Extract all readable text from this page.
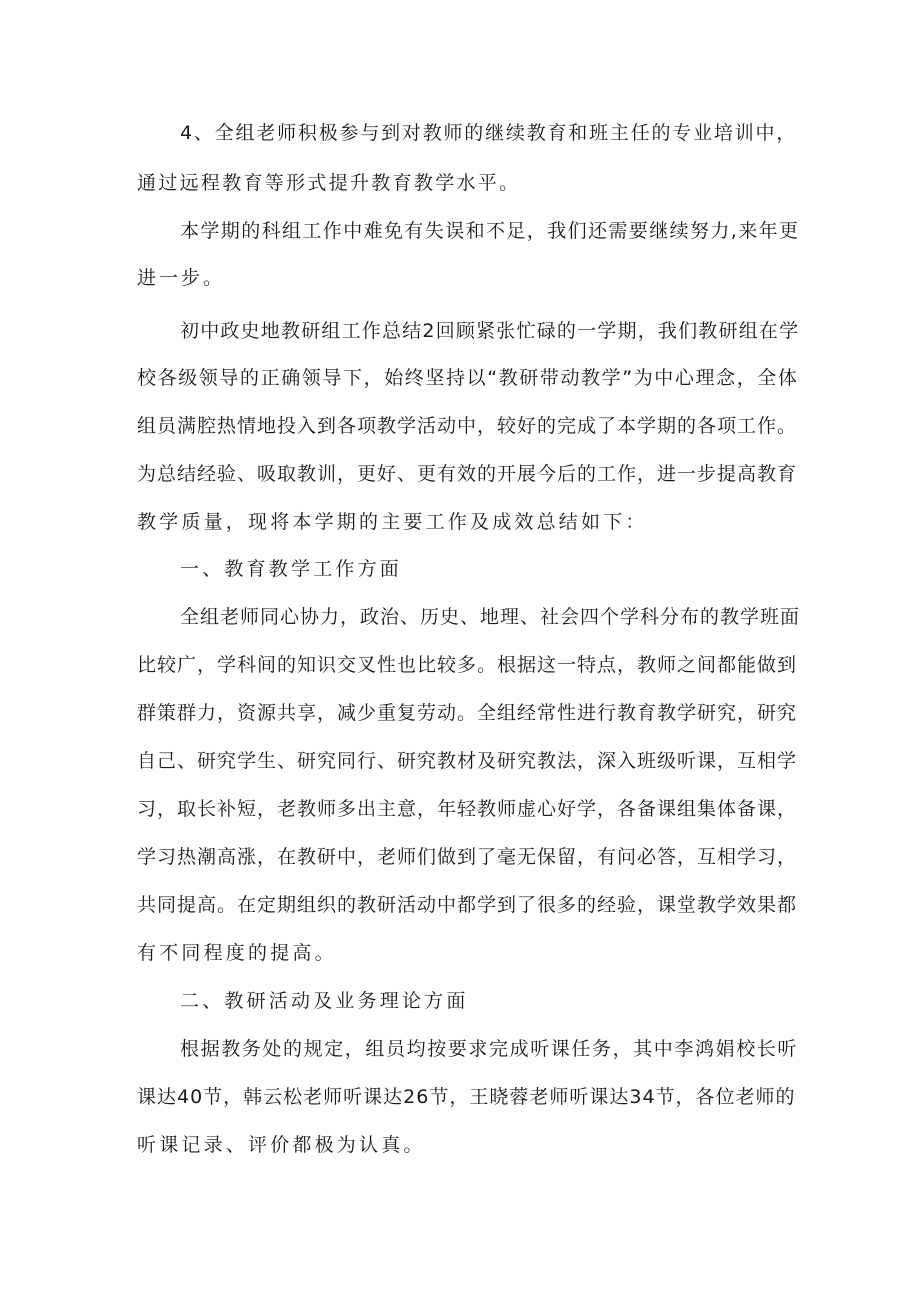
4、全组老师积极参与到对教师的继续教育和班主任的专业培训中，
通过远程教育等形式提升教育教学水平。
本学期的科组工作中难免有失误和不足，我们还需要继续努力,来年更
进一步。
初中政史地教研组工作总结2回顾紧张忙碌的一学期，我们教研组在学
校各级领导的正确领导下，始终坚持以“教研带动教学”为中心理念，全体
组员满腔热情地投入到各项教学活动中，较好的完成了本学期的各项工作。
为总结经验、吸取教训，更好、更有效的开展今后的工作，进一步提高教育
教学质量，现将本学期的主要工作及成效总结如下：
一、教育教学工作方面
全组老师同心协力，政治、历史、地理、社会四个学科分布的教学班面
比较广，学科间的知识交叉性也比较多。根据这一特点，教师之间都能做到
群策群力，资源共享，减少重复劳动。全组经常性进行教育教学研究，研究
自己、研究学生、研究同行、研究教材及研究教法，深入班级听课，互相学
习，取长补短，老教师多出主意，年轻教师虚心好学，各备课组集体备课，
学习热潮高涨，在教研中，老师们做到了毫无保留，有问必答，互相学习，
共同提高。在定期组织的教研活动中都学到了很多的经验，课堂教学效果都
有不同程度的提高。
二、教研活动及业务理论方面
根据教务处的规定，组员均按要求完成听课任务，其中李鸿娟校长听
课达40节，韩云松老师听课达26节，王晓蓉老师听课达34节，各位老师的
听课记录、评价都极为认真。
